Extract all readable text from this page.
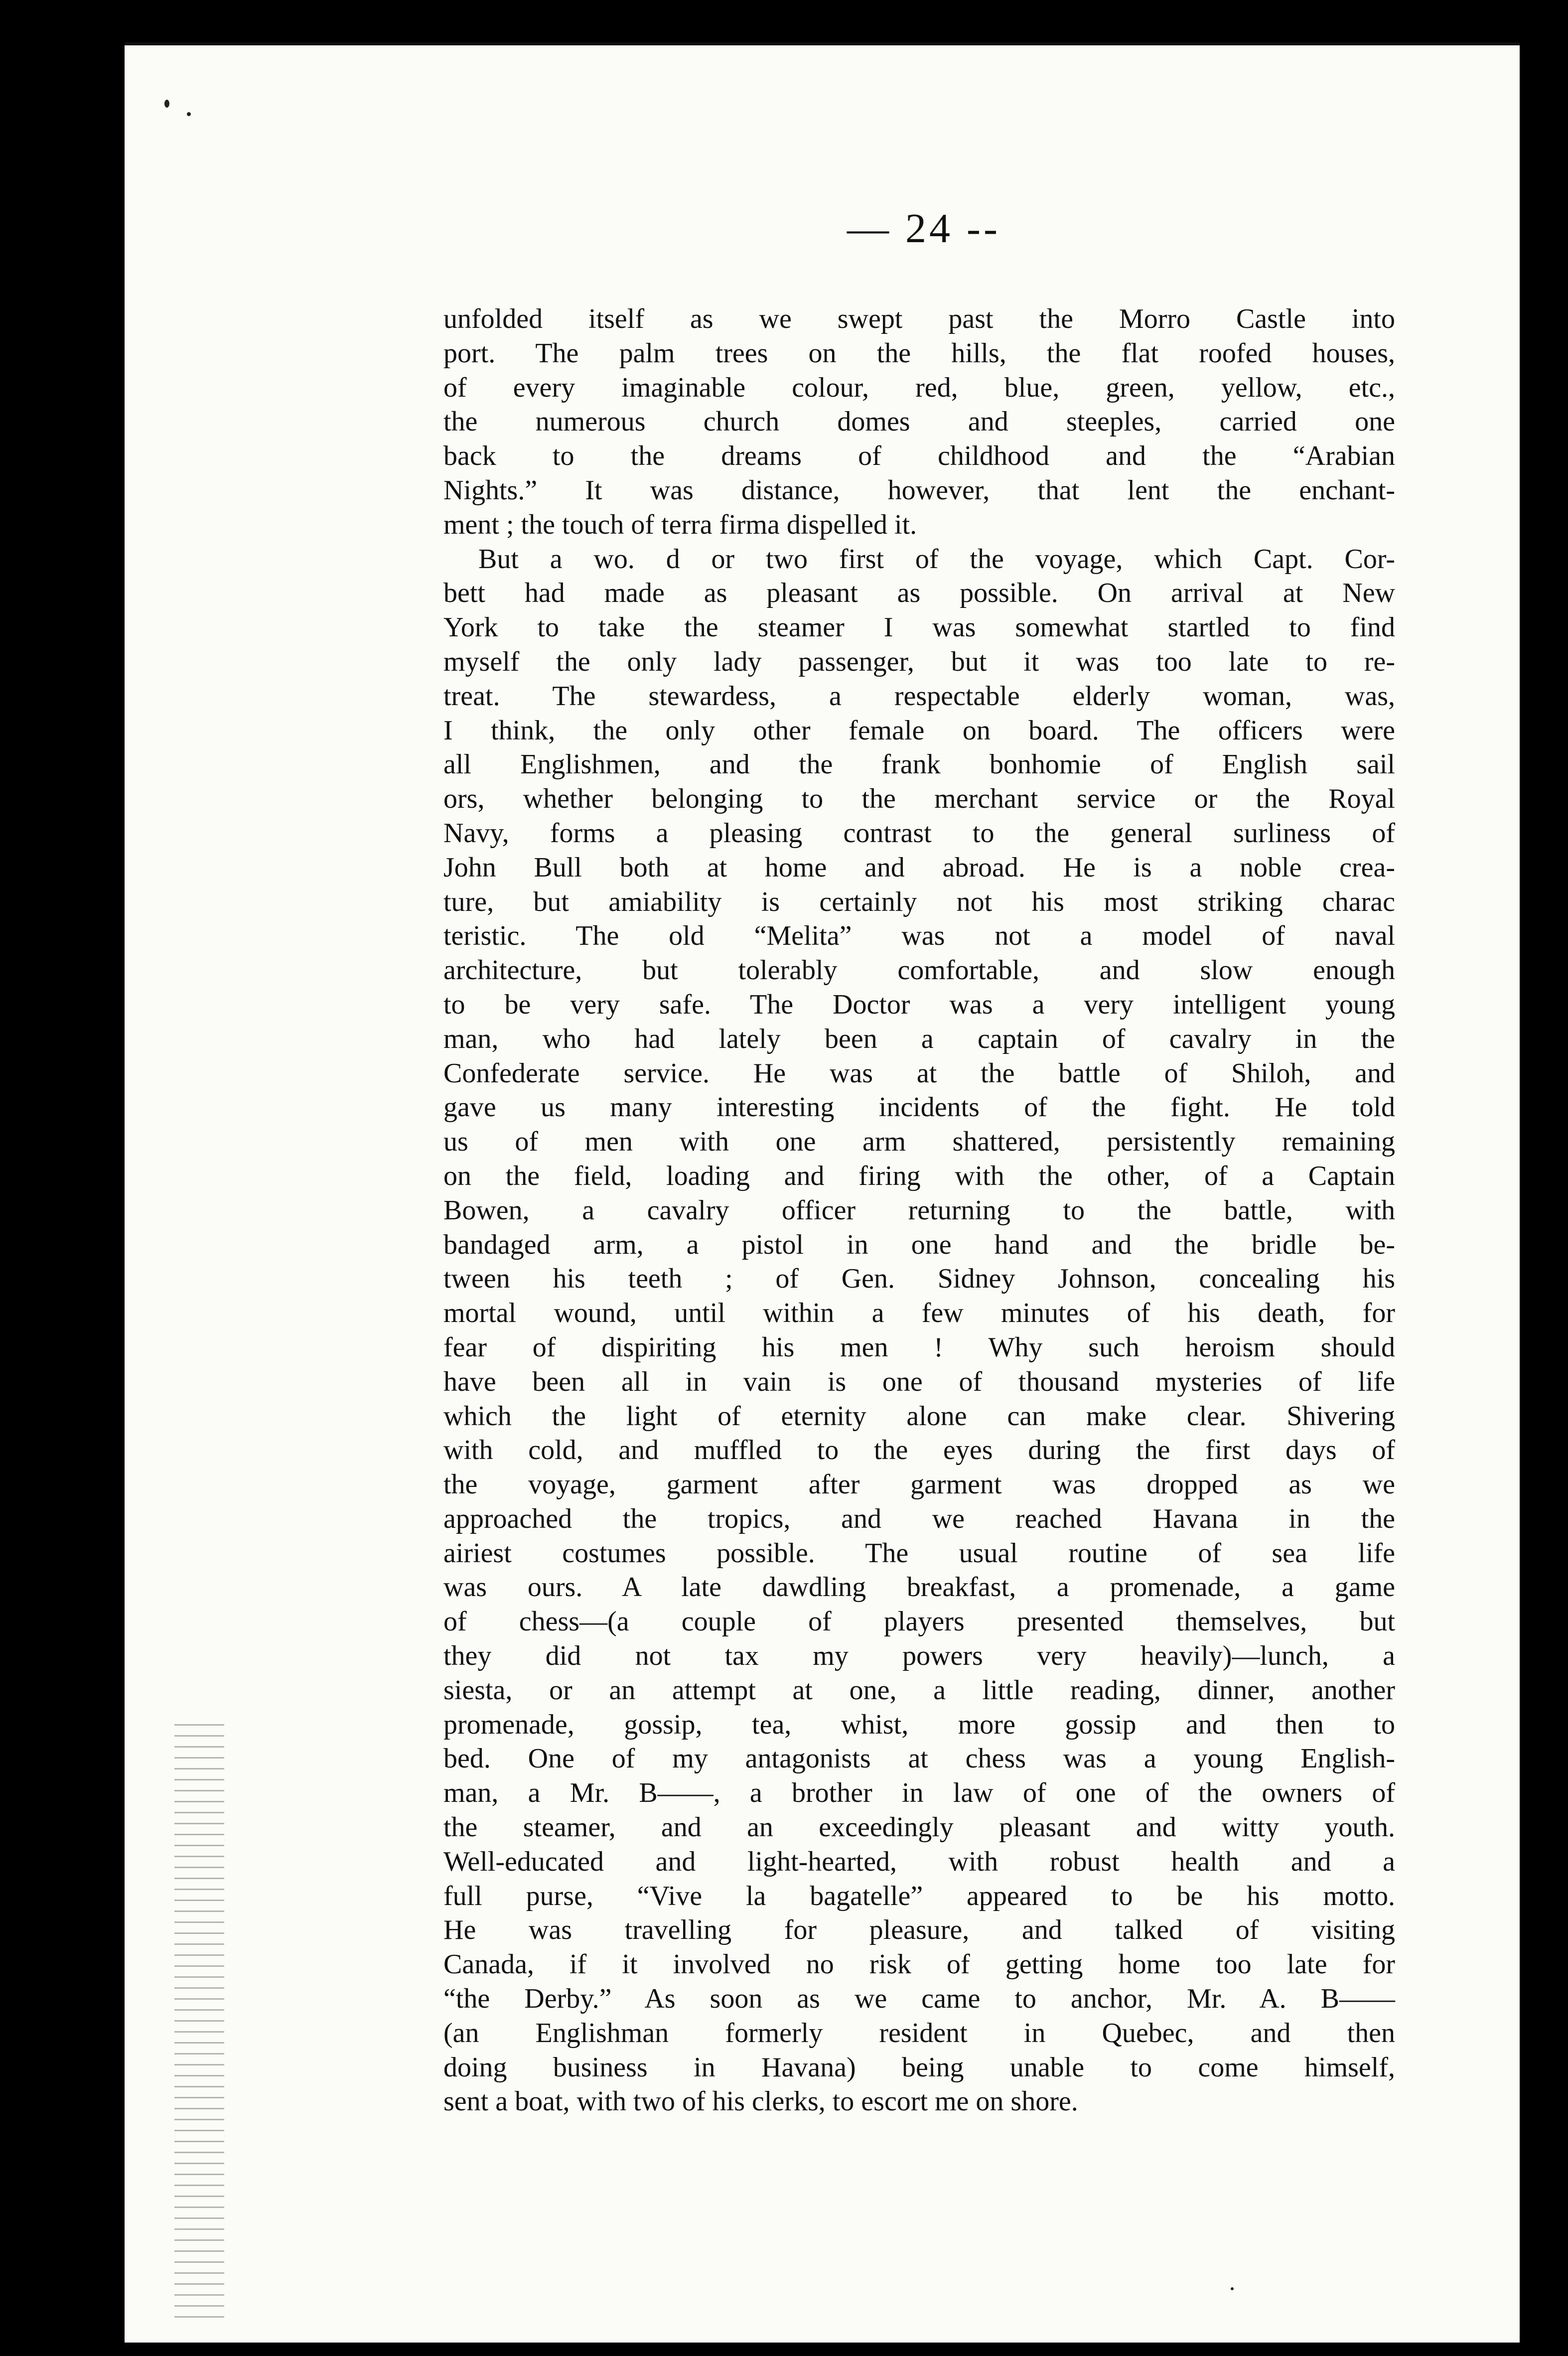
— 24 --
unfolded itself as we swept past the Morro Castle into
port. The palm trees on the hills, the flat roofed houses,
of every imaginable colour, red, blue, green, yellow, etc.,
the numerous church domes and steeples, carried one
back to the dreams of childhood and the “Arabian
Nights.” It was distance, however, that lent the enchant-
ment ; the touch of terra firma dispelled it.
But a wo. d or two first of the voyage, which Capt. Cor-
bett had made as pleasant as possible. On arrival at New
York to take the steamer I was somewhat startled to find
myself the only lady passenger, but it was too late to re-
treat. The stewardess, a respectable elderly woman, was,
I think, the only other female on board. The officers were
all Englishmen, and the frank bonhomie of English sail
ors, whether belonging to the merchant service or the Royal
Navy, forms a pleasing contrast to the general surliness of
John Bull both at home and abroad. He is a noble crea-
ture, but amiability is certainly not his most striking charac
teristic. The old “Melita” was not a model of naval
architecture, but tolerably comfortable, and slow enough
to be very safe. The Doctor was a very intelligent young
man, who had lately been a captain of cavalry in the
Confederate service. He was at the battle of Shiloh, and
gave us many interesting incidents of the fight. He told
us of men with one arm shattered, persistently remaining
on the field, loading and firing with the other, of a Captain
Bowen, a cavalry officer returning to the battle, with
bandaged arm, a pistol in one hand and the bridle be-
tween his teeth ; of Gen. Sidney Johnson, concealing his
mortal wound, until within a few minutes of his death, for
fear of dispiriting his men ! Why such heroism should
have been all in vain is one of thousand mysteries of life
which the light of eternity alone can make clear. Shivering
with cold, and muffled to the eyes during the first days of
the voyage, garment after garment was dropped as we
approached the tropics, and we reached Havana in the
airiest costumes possible. The usual routine of sea life
was ours. A late dawdling breakfast, a promenade, a game
of chess—(a couple of players presented themselves, but
they did not tax my powers very heavily)—lunch, a
siesta, or an attempt at one, a little reading, dinner, another
promenade, gossip, tea, whist, more gossip and then to
bed. One of my antagonists at chess was a young English-
man, a Mr. B——, a brother in law of one of the owners of
the steamer, and an exceedingly pleasant and witty youth.
Well-educated and light-hearted, with robust health and a
full purse, “Vive la bagatelle” appeared to be his motto.
He was travelling for pleasure, and talked of visiting
Canada, if it involved no risk of getting home too late for
“the Derby.” As soon as we came to anchor, Mr. A. B——
(an Englishman formerly resident in Quebec, and then
doing business in Havana) being unable to come himself,
sent a boat, with two of his clerks, to escort me on shore.
